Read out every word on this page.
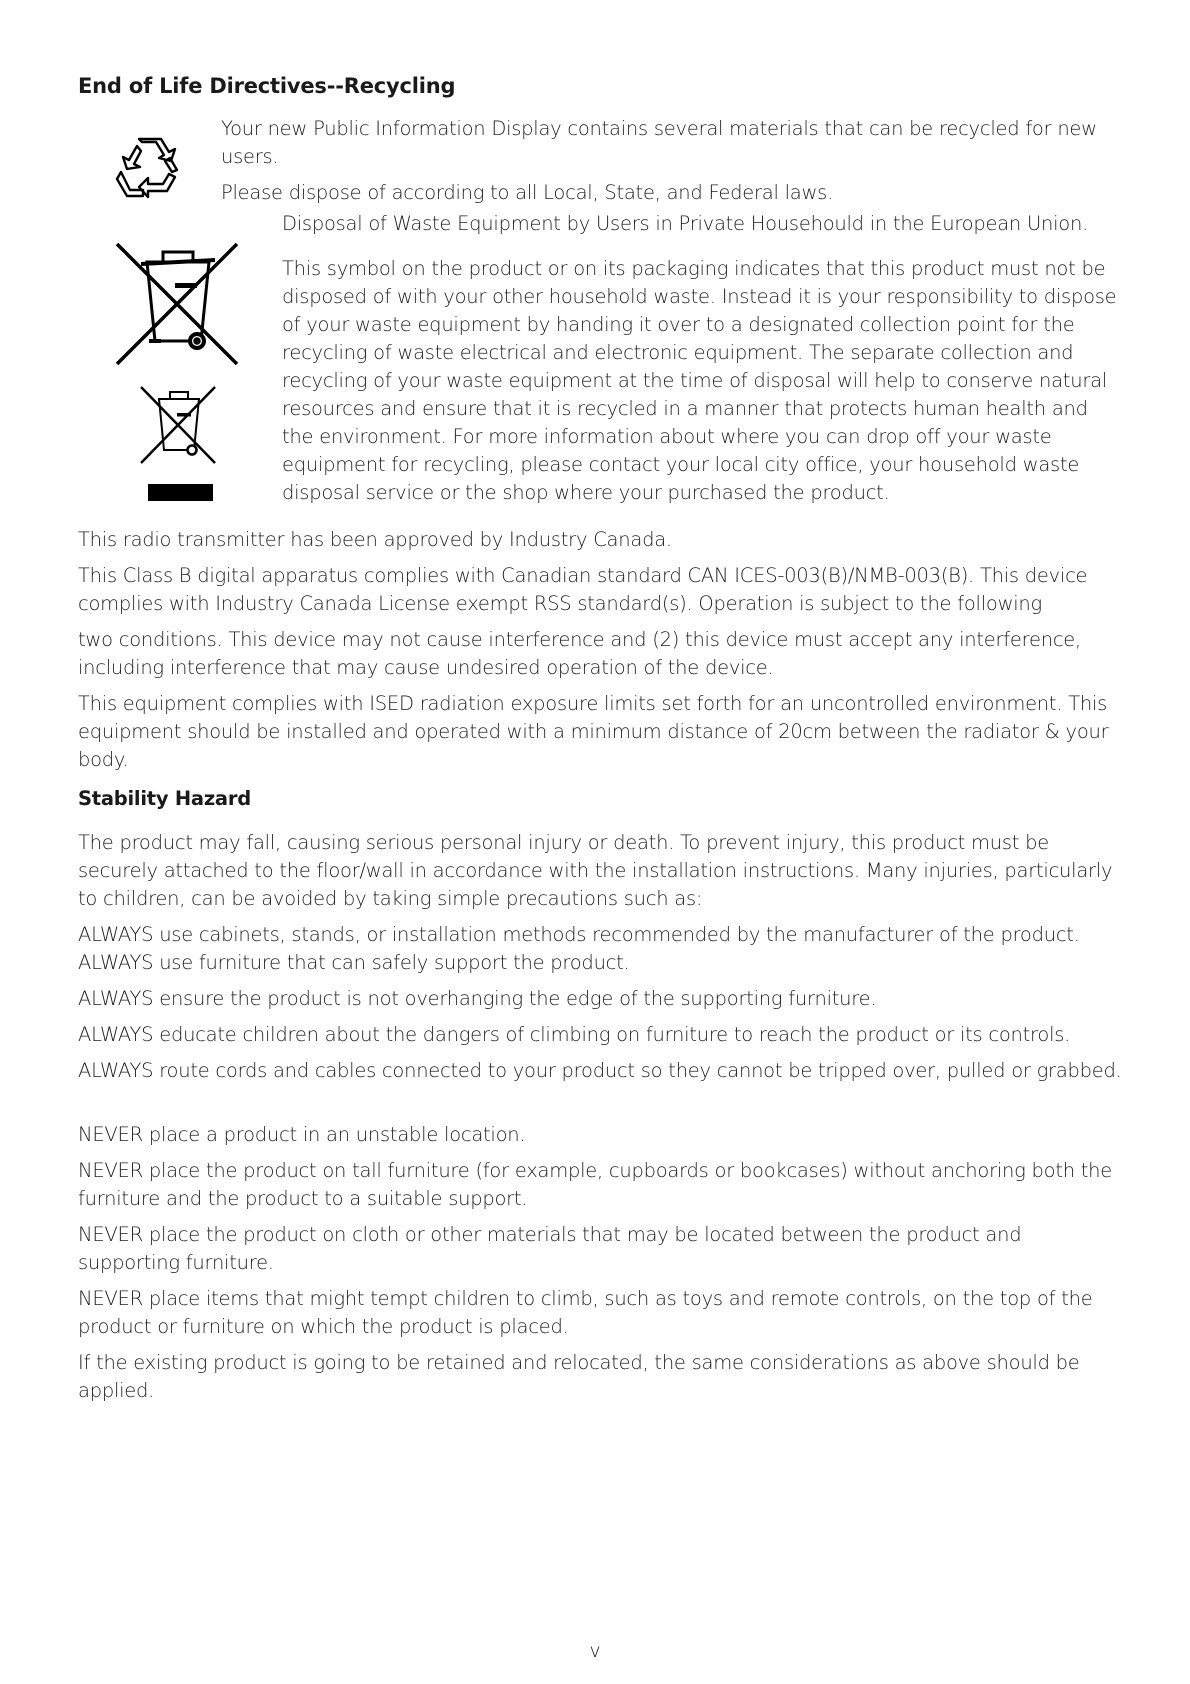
End of Life Directives--Recycling

Your new Public Information Display contains several materials that can be recycled for new users.

Please dispose of according to all Local, State, and Federal laws.

Disposal of Waste Equipment by Users in Private Househould in the European Union.

This symbol on the product or on its packaging indicates that this product must not be disposed of with your other household waste. Instead it is your responsibility to dispose of your waste equipment by handing it over to a designated collection point for the recycling of waste electrical and electronic equipment. The separate collection and recycling of your waste equipment at the time of disposal will help to conserve natural resources and ensure that it is recycled in a manner that protects human health and the environment. For more information about where you can drop off your waste equipment for recycling, please contact your local city office, your household waste disposal service or the shop where your purchased the product.

This radio transmitter has been approved by Industry Canada.

This Class B digital apparatus complies with Canadian standard CAN ICES-003(B)/NMB-003(B). This device complies with Industry Canada License exempt RSS standard(s). Operation is subject to the following

two conditions. This device may not cause interference and (2) this device must accept any interference, including interference that may cause undesired operation of the device.

This equipment complies with ISED radiation exposure limits set forth for an uncontrolled environment. This equipment should be installed and operated with a minimum distance of 20cm between the radiator & your body.

Stability Hazard

The product may fall, causing serious personal injury or death. To prevent injury, this product must be securely attached to the floor/wall in accordance with the installation instructions. Many injuries, particularly to children, can be avoided by taking simple precautions such as:

ALWAYS use cabinets, stands, or installation methods recommended by the manufacturer of the product. ALWAYS use furniture that can safely support the product.

ALWAYS ensure the product is not overhanging the edge of the supporting furniture.

ALWAYS educate children about the dangers of climbing on furniture to reach the product or its controls.

ALWAYS route cords and cables connected to your product so they cannot be tripped over, pulled or grabbed.

NEVER place a product in an unstable location.

NEVER place the product on tall furniture (for example, cupboards or bookcases) without anchoring both the furniture and the product to a suitable support.

NEVER place the product on cloth or other materials that may be located between the product and supporting furniture.

NEVER place items that might tempt children to climb, such as toys and remote controls, on the top of the product or furniture on which the product is placed.

If the existing product is going to be retained and relocated, the same considerations as above should be applied.

v
